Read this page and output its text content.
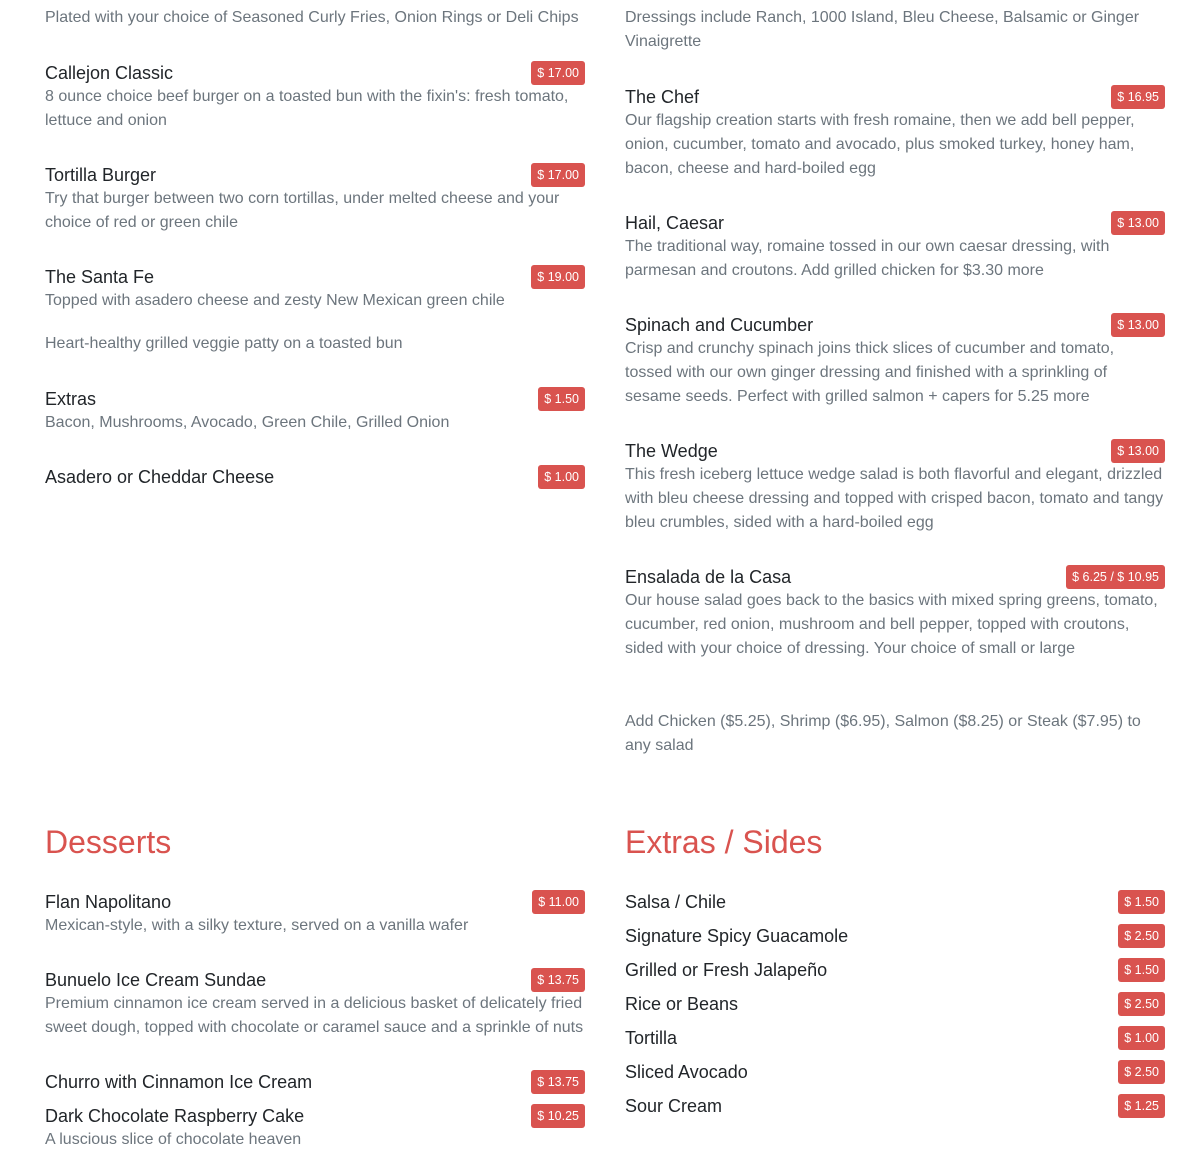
Plated with your choice of Seasoned Curly Fries, Onion Rings or Deli Chips

Callejon Classic	$ 17.00

8 ounce choice beef burger on a toasted bun with the fixin's: fresh tomato, lettuce and onion

Tortilla Burger	$ 17.00

Try that burger between two corn tortillas, under melted cheese and your choice of red or green chile

The Santa Fe	$ 19.00

Topped with asadero cheese and zesty New Mexican green chile

Heart-healthy grilled veggie patty on a toasted bun

Extras	$ 1.50

Bacon, Mushrooms, Avocado, Green Chile, Grilled Onion

Asadero or Cheddar Cheese	$ 1.00
Desserts
Flan Napolitano	$ 11.00

Mexican-style, with a silky texture, served on a vanilla wafer

Bunuelo Ice Cream Sundae	$ 13.75

Premium cinnamon ice cream served in a delicious basket of delicately fried sweet dough, topped with chocolate or caramel sauce and a sprinkle of nuts

Churro with Cinnamon Ice Cream	$ 13.75
Dark Chocolate Raspberry Cake	$ 10.25

A luscious slice of chocolate heaven

Dressings include Ranch, 1000 Island, Bleu Cheese, Balsamic or Ginger Vinaigrette

The Chef	$ 16.95

Our flagship creation starts with fresh romaine, then we add bell pepper, onion, cucumber, tomato and avocado, plus smoked turkey, honey ham, bacon, cheese and hard-boiled egg

Hail, Caesar	$ 13.00

The traditional way, romaine tossed in our own caesar dressing, with parmesan and croutons. Add grilled chicken for $3.30 more

Spinach and Cucumber	$ 13.00

Crisp and crunchy spinach joins thick slices of cucumber and tomato, tossed with our own ginger dressing and finished with a sprinkling of sesame seeds. Perfect with grilled salmon + capers for 5.25 more

The Wedge	$ 13.00

This fresh iceberg lettuce wedge salad is both flavorful and elegant, drizzled with bleu cheese dressing and topped with crisped bacon, tomato and tangy bleu crumbles, sided with a hard-boiled egg

Ensalada de la Casa	$ 6.25 / $ 10.95

Our house salad goes back to the basics with mixed spring greens, tomato, cucumber, red onion, mushroom and bell pepper, topped with croutons, sided with your choice of dressing. Your choice of small or large

Add Chicken ($5.25), Shrimp ($6.95), Salmon ($8.25) or Steak ($7.95) to any salad

Extras / Sides
Salsa / Chile	$ 1.50
Signature Spicy Guacamole	$ 2.50
Grilled or Fresh Jalapeño	$ 1.50
Rice or Beans	$ 2.50
Tortilla	$ 1.00
Sliced Avocado	$ 2.50
Sour Cream	$ 1.25
